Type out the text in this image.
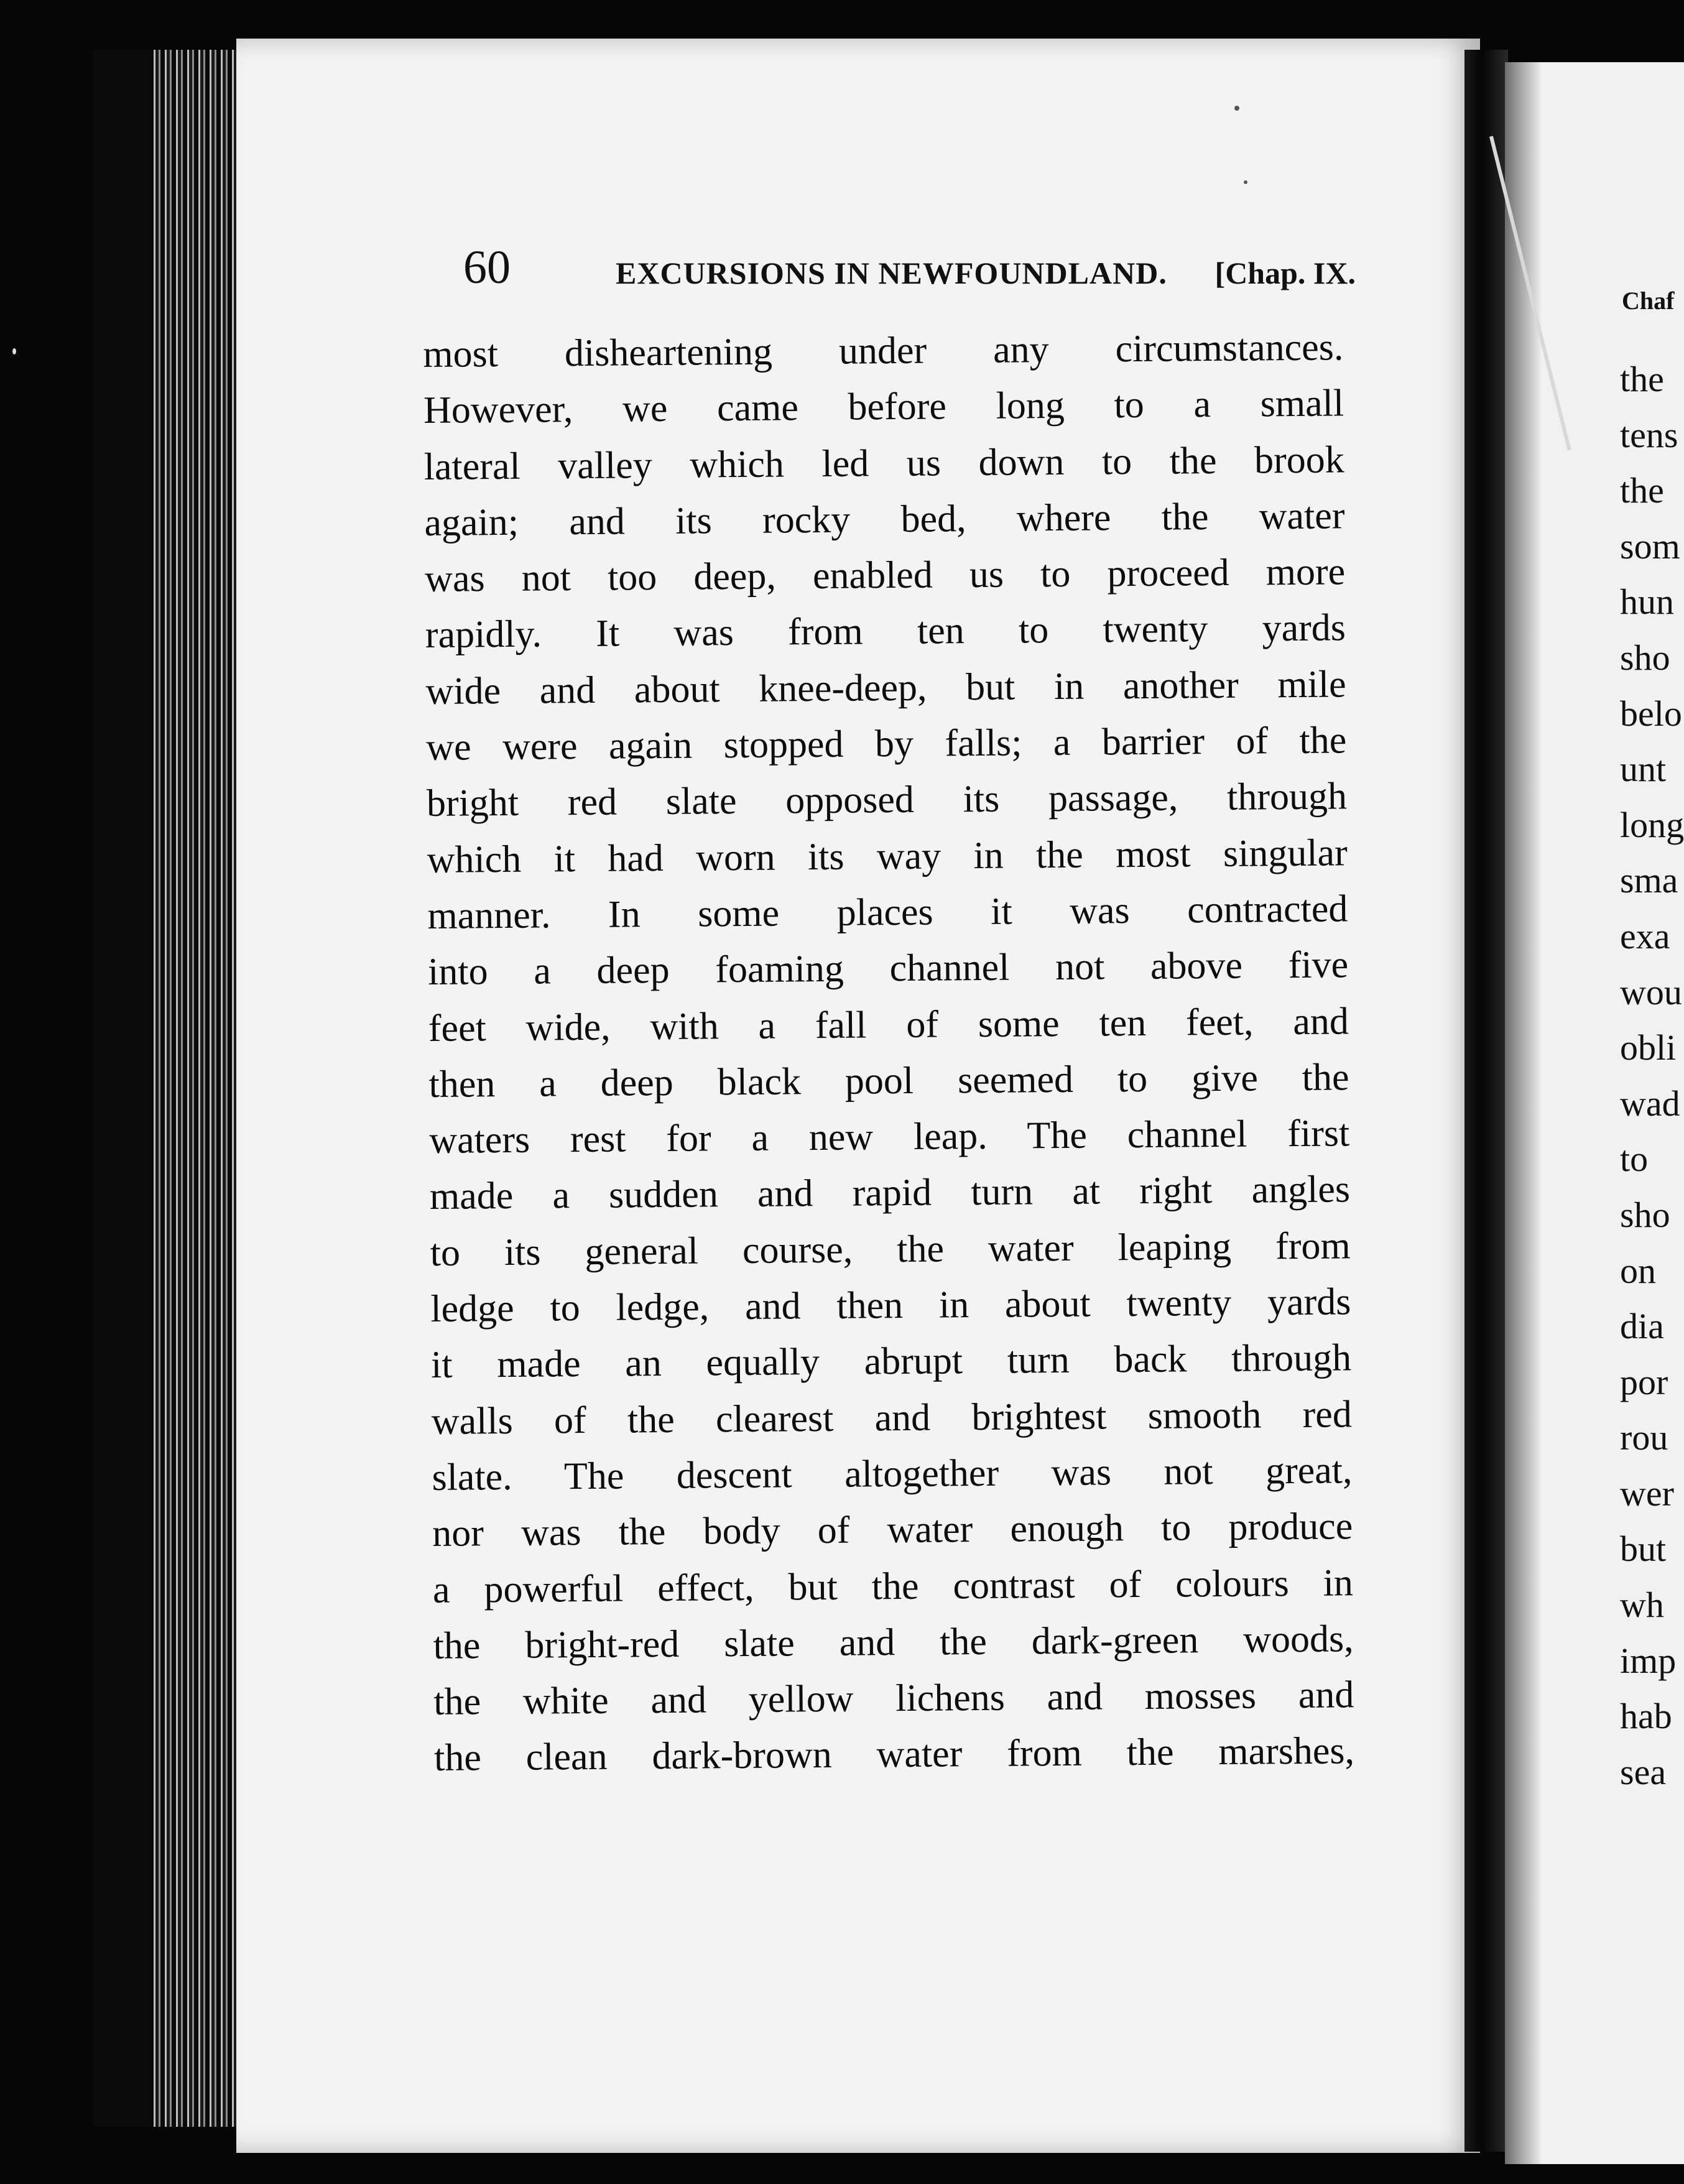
60	EXCURSIONS IN NEWFOUNDLAND. [Chap. IX.
most disheartening under any circumstances.
However, we came before long to a small
lateral valley which led us down to the brook
again; and its rocky bed, where the water
was not too deep, enabled us to proceed more
rapidly. It was from ten to twenty yards
wide and about knee-deep, but in another mile
we were again stopped by falls; a barrier of the
bright red slate opposed its passage, through
which it had worn its way in the most singular
manner. In some places it was contracted
into a deep foaming channel not above five
feet wide, with a fall of some ten feet, and
then a deep black pool seemed to give the
waters rest for a new leap. The channel first
made a sudden and rapid turn at right angles
to its general course, the water leaping from
ledge to ledge, and then in about twenty yards
it made an equally abrupt turn back through
walls of the clearest and brightest smooth red
slate. The descent altogether was not great,
nor was the body of water enough to produce
a powerful effect, but the contrast of colours in
the bright-red slate and the dark-green woods,
the white and yellow lichens and mosses and
the clean dark-brown water from the marshes,
Chaf
the
tens
the
som
hun
sho
belo
unt
long
sma
exa
wou
obli
wad
to
sho
on
dia
por
rou
wer
but
wh
imp
hab
sea
